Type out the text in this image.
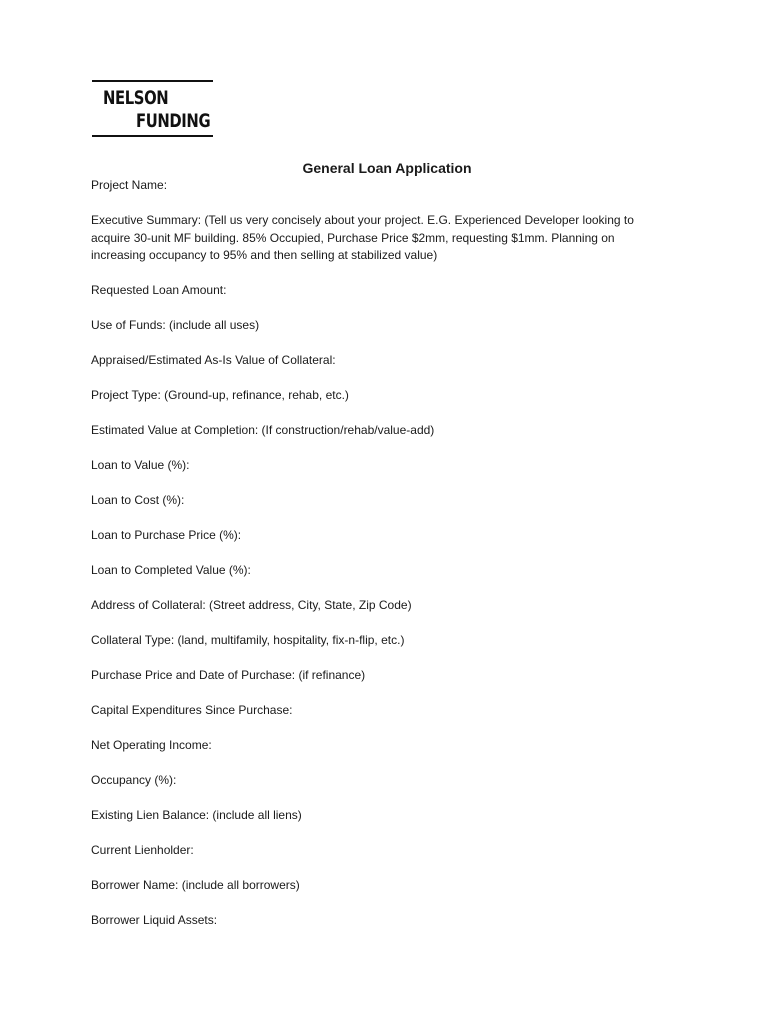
NELSON
FUNDING
General Loan Application
Project Name:
Executive Summary: (Tell us very concisely about your project. E.G. Experienced Developer looking to acquire 30-unit MF building. 85% Occupied, Purchase Price $2mm, requesting $1mm. Planning on increasing occupancy to 95% and then selling at stabilized value)
Requested Loan Amount:
Use of Funds: (include all uses)
Appraised/Estimated As-Is Value of Collateral:
Project Type: (Ground-up, refinance, rehab, etc.)
Estimated Value at Completion: (If construction/rehab/value-add)
Loan to Value (%):
Loan to Cost (%):
Loan to Purchase Price (%):
Loan to Completed Value (%):
Address of Collateral: (Street address, City, State, Zip Code)
Collateral Type: (land, multifamily, hospitality, fix-n-flip, etc.)
Purchase Price and Date of Purchase: (if refinance)
Capital Expenditures Since Purchase:
Net Operating Income:
Occupancy (%):
Existing Lien Balance: (include all liens)
Current Lienholder:
Borrower Name: (include all borrowers)
Borrower Liquid Assets:
